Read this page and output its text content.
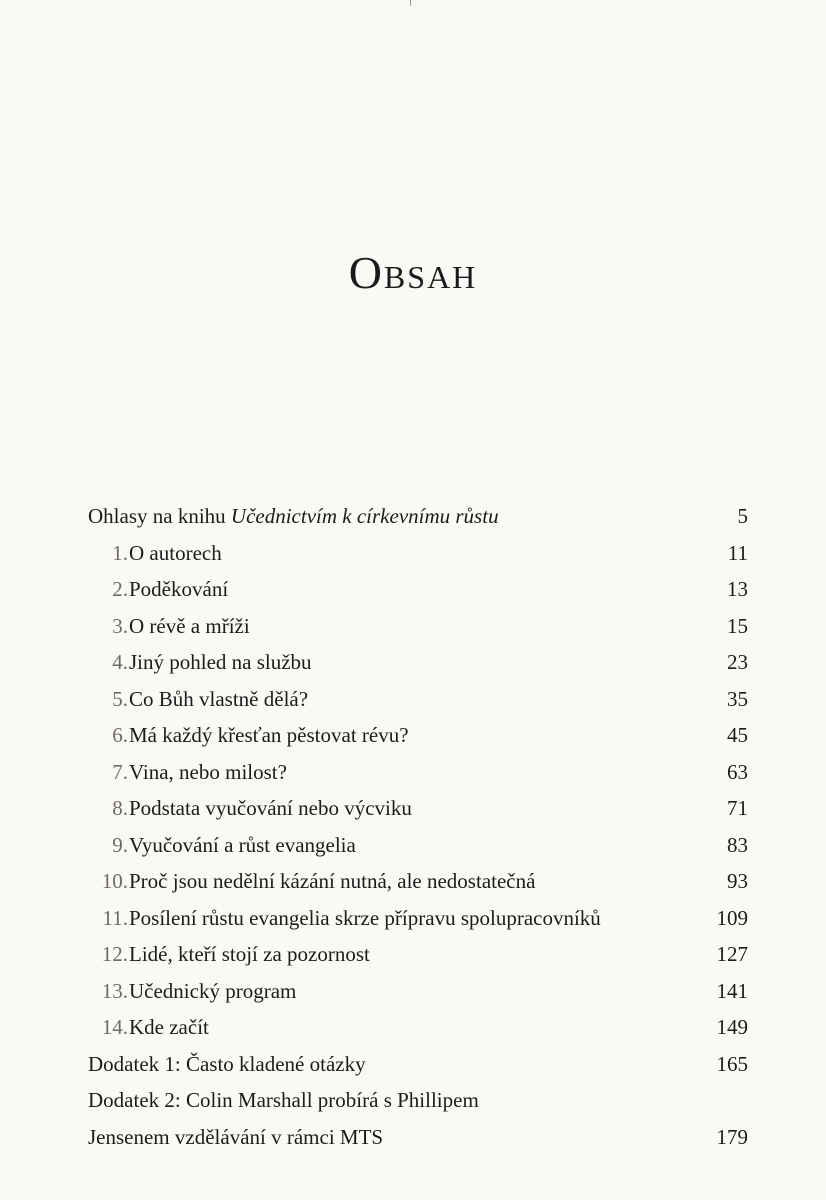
Obsah
Ohlasy na knihu Učednictvím k církevnímu růstu	5
1. O autorech	11
2. Poděkování	13
3. O révě a mříži	15
4. Jiný pohled na službu	23
5. Co Bůh vlastně dělá?	35
6. Má každý křesťan pěstovat révu?	45
7. Vina, nebo milost?	63
8. Podstata vyučování nebo výcviku	71
9. Vyučování a růst evangelia	83
10. Proč jsou nedělní kázání nutná, ale nedostatečná	93
11. Posílení růstu evangelia skrze přípravu spolupracovníků	109
12. Lidé, kteří stojí za pozornost	127
13. Učednický program	141
14. Kde začít	149
Dodatek 1: Často kladené otázky	165
Dodatek 2: Colin Marshall probírá s Phillipem
Jensenem vzdělávání v rámci MTS	179
